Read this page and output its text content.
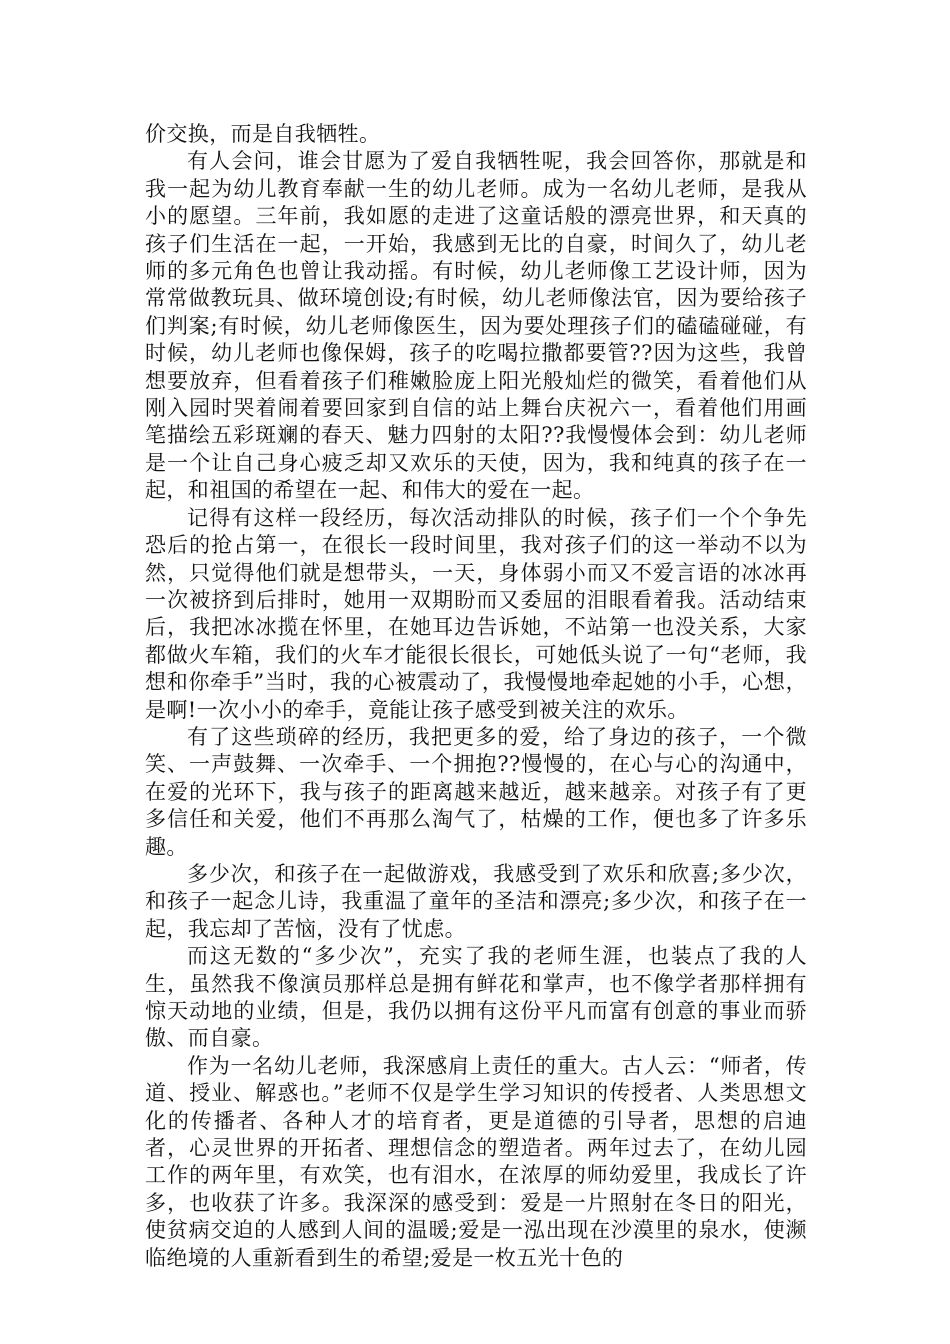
价交换，而是自我牺牲。

有人会问，谁会甘愿为了爱自我牺牲呢，我会回答你，那就是和我一起为幼儿教育奉献一生的幼儿老师。成为一名幼儿老师，是我从小的愿望。三年前，我如愿的走进了这童话般的漂亮世界，和天真的孩子们生活在一起，一开始，我感到无比的自豪，时间久了，幼儿老师的多元角色也曾让我动摇。有时候，幼儿老师像工艺设计师，因为常常做教玩具、做环境创设;有时候，幼儿老师像法官，因为要给孩子们判案;有时候，幼儿老师像医生，因为要处理孩子们的磕磕碰碰，有时候，幼儿老师也像保姆，孩子的吃喝拉撒都要管??因为这些，我曾想要放弃，但看着孩子们稚嫩脸庞上阳光般灿烂的微笑，看着他们从刚入园时哭着闹着要回家到自信的站上舞台庆祝六一，看着他们用画笔描绘五彩斑斓的春天、魅力四射的太阳??我慢慢体会到：幼儿老师是一个让自己身心疲乏却又欢乐的天使，因为，我和纯真的孩子在一起，和祖国的希望在一起、和伟大的爱在一起。

记得有这样一段经历，每次活动排队的时候，孩子们一个个争先恐后的抢占第一，在很长一段时间里，我对孩子们的这一举动不以为然，只觉得他们就是想带头，一天，身体弱小而又不爱言语的冰冰再一次被挤到后排时，她用一双期盼而又委屈的泪眼看着我。活动结束后，我把冰冰揽在怀里，在她耳边告诉她，不站第一也没关系，大家都做火车箱，我们的火车才能很长很长，可她低头说了一句“老师，我想和你牵手”当时，我的心被震动了，我慢慢地牵起她的小手，心想，是啊!一次小小的牵手，竟能让孩子感受到被关注的欢乐。

有了这些琐碎的经历，我把更多的爱，给了身边的孩子，一个微笑、一声鼓舞、一次牵手、一个拥抱??慢慢的，在心与心的沟通中，在爱的光环下，我与孩子的距离越来越近，越来越亲。对孩子有了更多信任和关爱，他们不再那么淘气了，枯燥的工作，便也多了许多乐趣。

多少次，和孩子在一起做游戏，我感受到了欢乐和欣喜;多少次，和孩子一起念儿诗，我重温了童年的圣洁和漂亮;多少次，和孩子在一起，我忘却了苦恼，没有了忧虑。

而这无数的“多少次”，充实了我的老师生涯，也装点了我的人生，虽然我不像演员那样总是拥有鲜花和掌声，也不像学者那样拥有惊天动地的业绩，但是，我仍以拥有这份平凡而富有创意的事业而骄傲、而自豪。

作为一名幼儿老师，我深感肩上责任的重大。古人云：“师者，传道、授业、解惑也。”老师不仅是学生学习知识的传授者、人类思想文化的传播者、各种人才的培育者，更是道德的引导者，思想的启迪者，心灵世界的开拓者、理想信念的塑造者。两年过去了，在幼儿园工作的两年里，有欢笑，也有泪水，在浓厚的师幼爱里，我成长了许多，也收获了许多。我深深的感受到：爱是一片照射在冬日的阳光，使贫病交迫的人感到人间的温暖;爱是一泓出现在沙漠里的泉水，使濒临绝境的人重新看到生的希望;爱是一枚五光十色的
